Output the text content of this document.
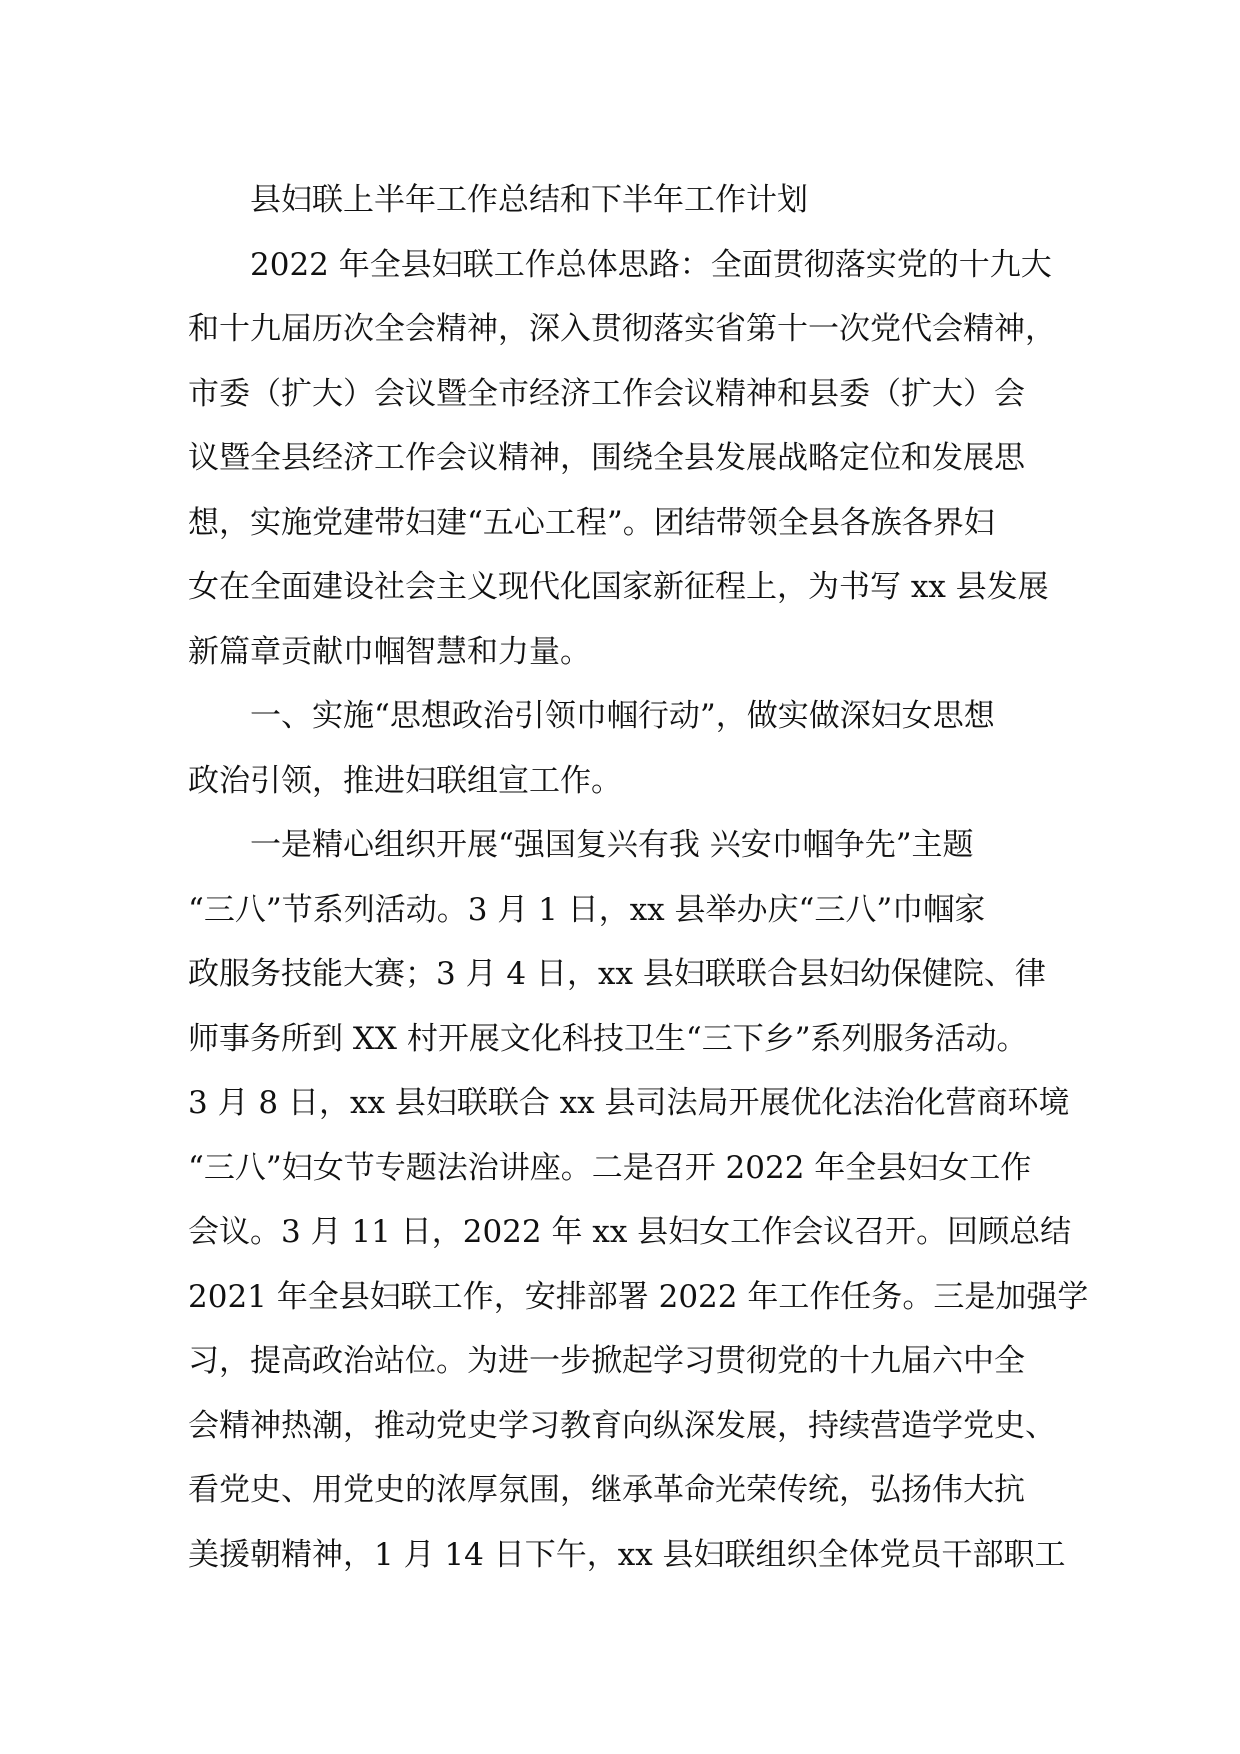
县妇联上半年工作总结和下半年工作计划
2022 年全县妇联工作总体思路：全面贯彻落实党的十九大
和十九届历次全会精神，深入贯彻落实省第十一次党代会精神，
市委（扩大）会议暨全市经济工作会议精神和县委（扩大）会
议暨全县经济工作会议精神，围绕全县发展战略定位和发展思
想，实施党建带妇建“五心工程”。团结带领全县各族各界妇
女在全面建设社会主义现代化国家新征程上，为书写 xx 县发展
新篇章贡献巾帼智慧和力量。
一、实施“思想政治引领巾帼行动”，做实做深妇女思想
政治引领，推进妇联组宣工作。
一是精心组织开展“强国复兴有我 兴安巾帼争先”主题
“三八”节系列活动。3 月 1 日，xx 县举办庆“三八”巾帼家
政服务技能大赛；3 月 4 日，xx 县妇联联合县妇幼保健院、律
师事务所到 XX 村开展文化科技卫生“三下乡”系列服务活动。
3 月 8 日，xx 县妇联联合 xx 县司法局开展优化法治化营商环境
“三八”妇女节专题法治讲座。二是召开 2022 年全县妇女工作
会议。3 月 11 日，2022 年 xx 县妇女工作会议召开。回顾总结
2021 年全县妇联工作，安排部署 2022 年工作任务。三是加强学
习，提高政治站位。为进一步掀起学习贯彻党的十九届六中全
会精神热潮，推动党史学习教育向纵深发展，持续营造学党史、
看党史、用党史的浓厚氛围，继承革命光荣传统，弘扬伟大抗
美援朝精神，1 月 14 日下午，xx 县妇联组织全体党员干部职工
